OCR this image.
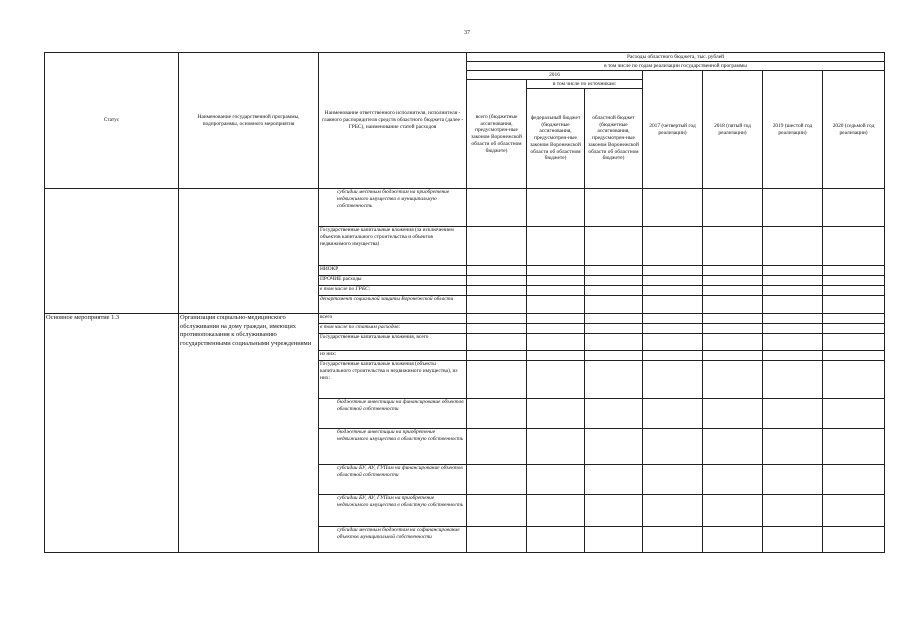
37
Статус	Наименование государственной программы, подпрограммы, основного мероприятия	Наименование ответственного исполнителя, исполнителя - главного распорядителя средств областного бюджета (далее - ГРБС), наименование статей расходов	Расходы областного бюджета, тыс. рублей						
			в том числе по годам реализации государственной программы						
			2016			2017 (четвертый год реализации)	2018 (пятый год реализации)	2019 (шестой год реализации)	2020 (седьмой год реализации)
			всего (бюджетные ассигнования, предусмотрен-ные законом Воронежской области об областном бюджете)	в том числе по источникам:					
				федеральный бюджет (бюджетные ассигнования, предусмотрен-ные законом Воронежской области об областном бюджете)	областной бюджет (бюджетные ассигнования, предусмотрен-ные законом Воронежской области об областном бюджете)				
		субсидии местным бюджетам на приобретение недвижимого имущества в муниципальную собственность							
		Государственные капитальные вложения (за исключением объектов капитального строительства и объектов недвижимого имущества)							
		НИОКР							
		ПРОЧИЕ расходы							
		в том числе по ГРБС:							
		департамент социальной защиты Воронежской области							
Основное мероприятие 1.3	Организация социально-медицинского обслуживания на дому граждан, имеющих противопоказания к обслуживанию государственными социальными учреждениями	всего							
		в том числе по статьям расходов:							
		Государственные капитальные вложения, всего							
		из них:							
		Государственные капитальные вложения (объекты капитального строительства и недвижимого имущества), из них:							
		бюджетные инвестиции на финансирование объектов областной собственности							
		бюджетные инвестиции на приобретение недвижимого имущества в областную собственность							
		субсидии БУ, АУ, ГУПам на финансирование объектов областной собственности							
		субсидии БУ, АУ, ГУПам на приобретение недвижимого имущества в областную собственность							
		субсидии местным бюджетам на софинансирование объектов муниципальной собственности							
